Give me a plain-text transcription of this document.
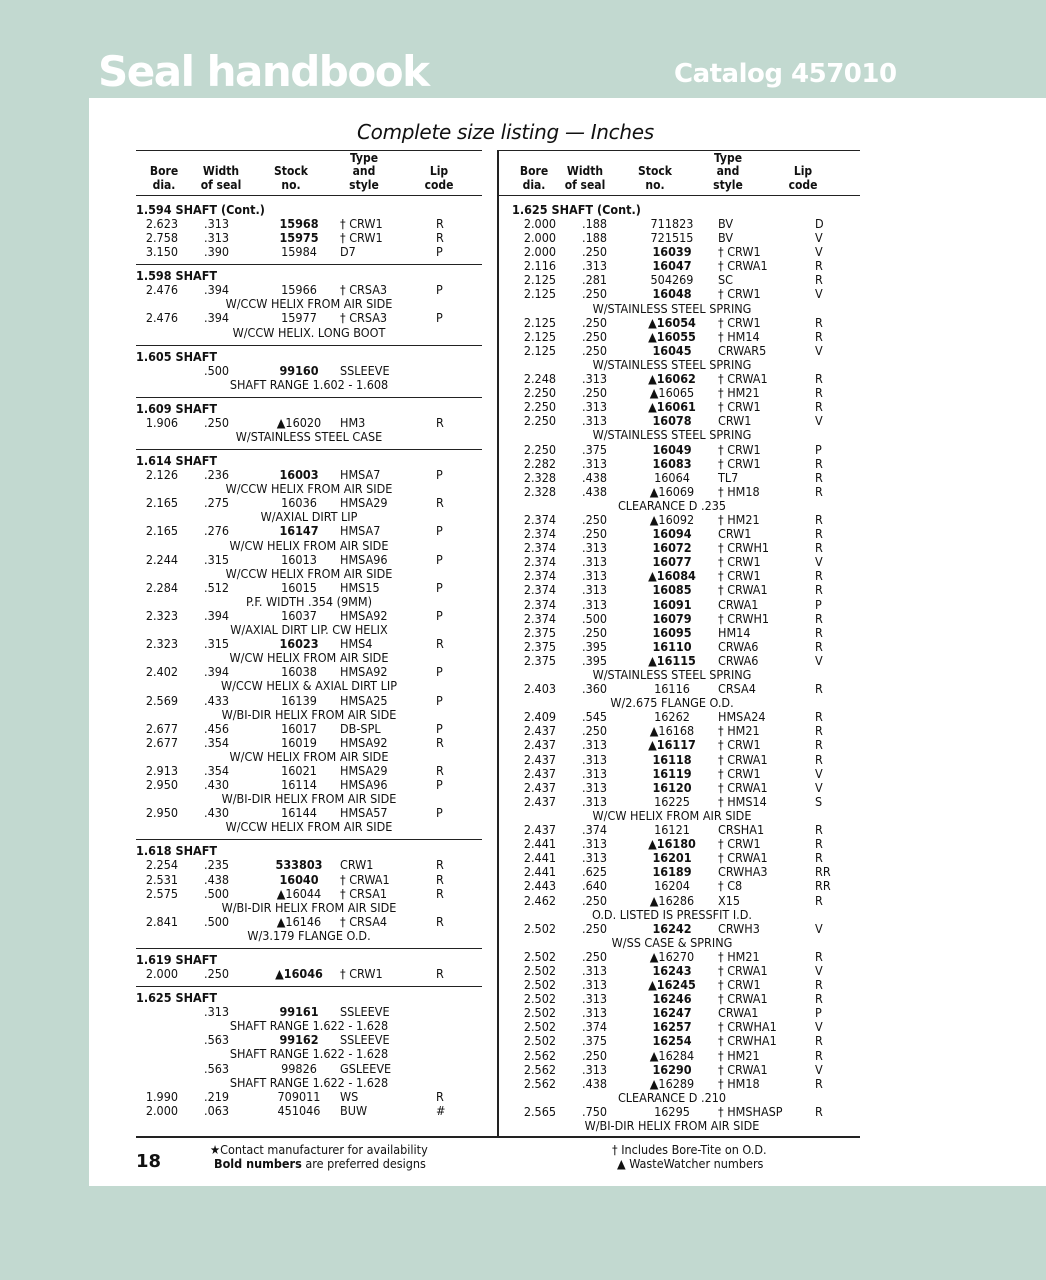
Seal handbook	Catalog 457010
Complete size listing — Inches
Bore
dia.
Width
of seal
Stock
no.
Type
and
style
Lip
code
1.594 SHAFT (Cont.)
2.623 .313	15968	† CRW1	R
2.758 .313	15975	† CRW1	R
3.150 .390	15984	D7	P
1.598 SHAFT
2.476 .394	15966	† CRSA3	P
W/CCW HELIX FROM AIR SIDE
2.476 .394	15977	† CRSA3	P
W/CCW HELIX. LONG BOOT
1.605 SHAFT
.500	99160	SSLEEVE
SHAFT RANGE 1.602 - 1.608
1.609 SHAFT
1.906 .250	▲16020	HM3	R
W/STAINLESS STEEL CASE
1.614 SHAFT
2.126 .236	16003	HMSA7	P
W/CCW HELIX FROM AIR SIDE
2.165 .275	16036	HMSA29	R
W/AXIAL DIRT LIP
2.165 .276	16147	HMSA7	P
W/CW HELIX FROM AIR SIDE
2.244 .315	16013	HMSA96	P
W/CCW HELIX FROM AIR SIDE
2.284 .512	16015	HMS15	P
P.F. WIDTH .354 (9MM)
2.323 .394	16037	HMSA92	P
W/AXIAL DIRT LIP. CW HELIX
2.323 .315	16023	HMS4	R
W/CW HELIX FROM AIR SIDE
2.402 .394	16038	HMSA92	P
W/CCW HELIX & AXIAL DIRT LIP
2.569 .433	16139	HMSA25	P
W/BI-DIR HELIX FROM AIR SIDE
2.677 .456	16017	DB-SPL	P
2.677 .354	16019	HMSA92	R
W/CW HELIX FROM AIR SIDE
2.913 .354	16021	HMSA29	R
2.950 .430	16114	HMSA96	P
W/BI-DIR HELIX FROM AIR SIDE
2.950 .430	16144	HMSA57	P
W/CCW HELIX FROM AIR SIDE
1.618 SHAFT
2.254 .235	533803	CRW1	R
2.531 .438	16040	† CRWA1	R
2.575 .500	▲16044	† CRSA1	R
W/BI-DIR HELIX FROM AIR SIDE
2.841 .500	▲16146	† CRSA4	R
W/3.179 FLANGE O.D.
1.619 SHAFT
2.000 .250	▲16046	† CRW1	R
1.625 SHAFT
.313	99161	SSLEEVE
SHAFT RANGE 1.622 - 1.628
.563	99162	SSLEEVE
SHAFT RANGE 1.622 - 1.628
.563	99826	GSLEEVE
SHAFT RANGE 1.622 - 1.628
1.990 .219	709011	WS	R
2.000 .063	451046	BUW	#
Bore
dia.
Width
of seal
Stock
no.
Type
and
style
Lip
code
1.625 SHAFT (Cont.)
2.000 .188	711823	BV	D
2.000 .188	721515	BV	V
2.000 .250	16039	† CRW1	V
2.116 .313	16047	† CRWA1	R
2.125 .281	504269	SC	R
2.125 .250	16048	† CRW1	V
W/STAINLESS STEEL SPRING
2.125 .250	▲16054	† CRW1	R
2.125 .250	▲16055	† HM14	R
2.125 .250	16045	CRWAR5	V
W/STAINLESS STEEL SPRING
2.248 .313	▲16062	† CRWA1	R
2.250 .250	▲16065	† HM21	R
2.250 .313	▲16061	† CRW1	R
2.250 .313	16078	CRW1	V
W/STAINLESS STEEL SPRING
2.250 .375	16049	† CRW1	P
2.282 .313	16083	† CRW1	R
2.328 .438	16064	TL7	R
2.328 .438	▲16069	† HM18	R
CLEARANCE D .235
2.374 .250	▲16092	† HM21	R
2.374 .250	16094	CRW1	R
2.374 .313	16072	† CRWH1	R
2.374 .313	16077	† CRW1	V
2.374 .313	▲16084	† CRW1	R
2.374 .313	16085	† CRWA1	R
2.374 .313	16091	CRWA1	P
2.374 .500	16079	† CRWH1	R
2.375 .250	16095	HM14	R
2.375 .395	16110	CRWA6	R
2.375 .395	▲16115	CRWA6	V
W/STAINLESS STEEL SPRING
2.403 .360	16116	CRSA4	R
W/2.675 FLANGE O.D.
2.409 .545	16262	HMSA24	R
2.437 .250	▲16168	† HM21	R
2.437 .313	▲16117	† CRW1	R
2.437 .313	16118	† CRWA1	R
2.437 .313	16119	† CRW1	V
2.437 .313	16120	† CRWA1	V
2.437 .313	16225	† HMS14	S
W/CW HELIX FROM AIR SIDE
2.437 .374	16121	CRSHA1	R
2.441 .313	▲16180	† CRW1	R
2.441 .313	16201	† CRWA1	R
2.441 .625	16189	CRWHA3	RR
2.443 .640	16204	† C8	RR
2.462 .250	▲16286	X15	R
O.D. LISTED IS PRESSFIT I.D.
2.502 .250	16242	CRWH3	V
W/SS CASE & SPRING
2.502 .250	▲16270	† HM21	R
2.502 .313	16243	† CRWA1	V
2.502 .313	▲16245	† CRW1	R
2.502 .313	16246	† CRWA1	R
2.502 .313	16247	CRWA1	P
2.502 .374	16257	† CRWHA1	V
2.502 .375	16254	† CRWHA1	R
2.562 .250	▲16284	† HM21	R
2.562 .313	16290	† CRWA1	V
2.562 .438	▲16289	† HM18	R
CLEARANCE D .210
2.565 .750	16295	† HMSHASP	R
W/BI-DIR HELIX FROM AIR SIDE
18
★Contact manufacturer for availability
Bold numbers are preferred designs
† Includes Bore-Tite on O.D.
▲ WasteWatcher numbers
